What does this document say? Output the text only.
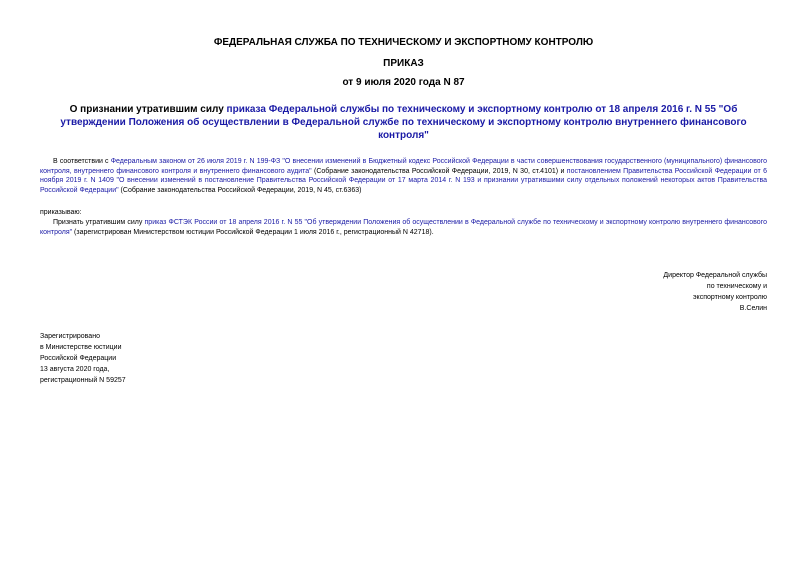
ФЕДЕРАЛЬНАЯ СЛУЖБА ПО ТЕХНИЧЕСКОМУ И ЭКСПОРТНОМУ КОНТРОЛЮ
ПРИКАЗ
от 9 июля 2020 года N 87
О признании утратившим силу приказа Федеральной службы по техническому и экспортному контролю от 18 апреля 2016 г. N 55 "Об утверждении Положения об осуществлении в Федеральной службе по техническому и экспортному контролю внутреннего финансового контроля"
В соответствии с Федеральным законом от 26 июля 2019 г. N 199-ФЗ "О внесении изменений в Бюджетный кодекс Российской Федерации в части совершенствования государственного (муниципального) финансового контроля, внутреннего финансового контроля и внутреннего финансового аудита" (Собрание законодательства Российской Федерации, 2019, N 30, ст.4101) и постановлением Правительства Российской Федерации от 6 ноября 2019 г. N 1409 "О внесении изменений в постановление Правительства Российской Федерации от 17 марта 2014 г. N 193 и признании утратившими силу отдельных положений некоторых актов Правительства Российской Федерации" (Собрание законодательства Российской Федерации, 2019, N 45, ст.6363)
приказываю:
Признать утратившим силу приказ ФСТЭК России от 18 апреля 2016 г. N 55 "Об утверждении Положения об осуществлении в Федеральной службе по техническому и экспортному контролю внутреннего финансового контроля" (зарегистрирован Министерством юстиции Российской Федерации 1 июля 2016 г., регистрационный N 42718).
Директор Федеральной службы
по техническому и
экспортному контролю
В.Селин
Зарегистрировано
в Министерстве юстиции
Российской Федерации
13 августа 2020 года,
регистрационный N 59257
